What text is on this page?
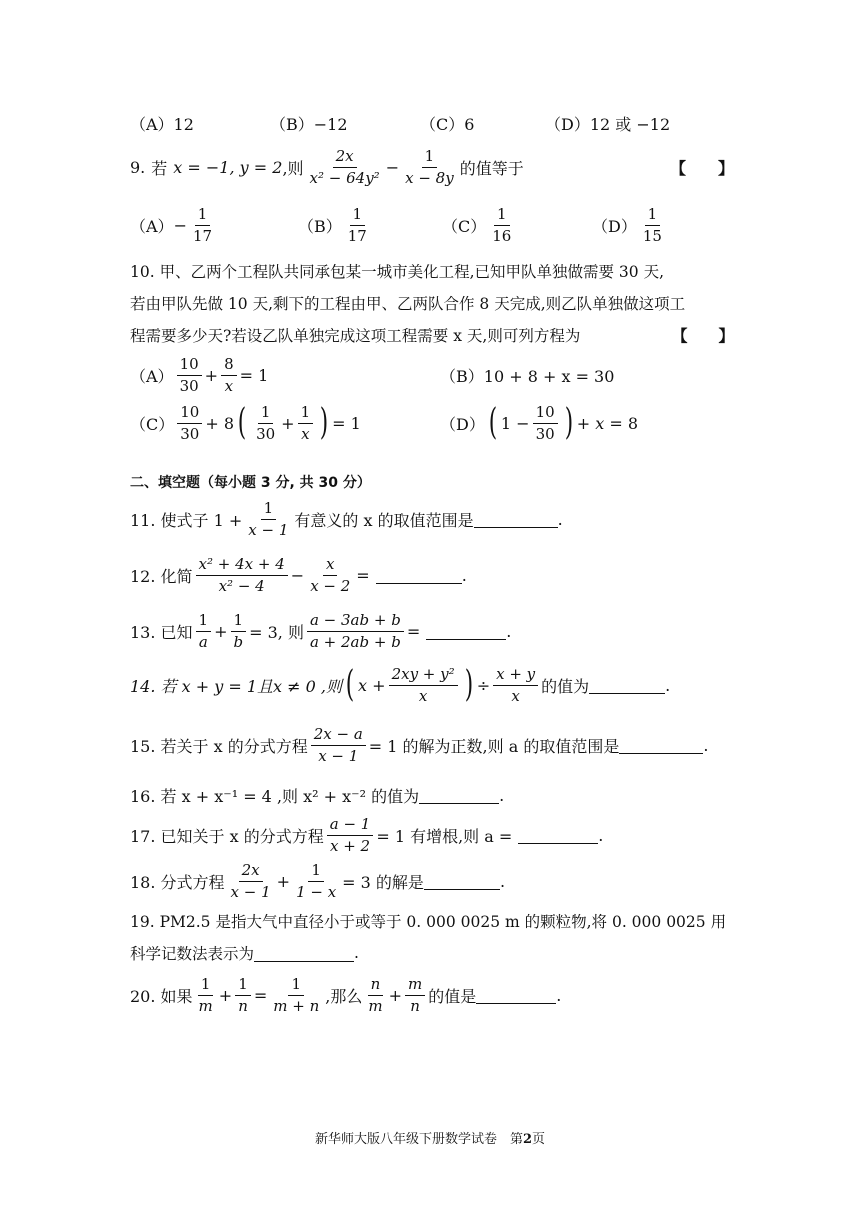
（A）12	（B）−12	（C）6	（D）12 或 −12
9. 若 x = −1, y = 2 ,则 $\frac{2x}{\text{x² − 64y²}} - \frac{1}{x - 8y}$ 的值等于	【　　】
$(A) - \frac{1}{17}$	$(B) \frac{1}{17}$	$(C) \frac{1}{16}$	$(D) \frac{1}{15}$
10. 甲、乙两个工程队共同承包某一城市美化工程,已知甲队单独做需要 30 天,
若由甲队先做 10 天,剩下的工程由甲、乙两队合作 8 天完成,则乙队单独做这项工
程需要多少天?若设乙队单独完成这项工程需要 x 天,则可列方程为	【　　】
$(A) \frac{10}{30} + \frac{8}{x} = 1$	（B）10 + 8 + x = 30
$(C) \frac{10}{30} + 8$ ( $\frac{1}{30} + \frac{1}{x}$ ) = 1	（D） ( $1 - \frac{10}{30}$ ) + x = 8
二、填空题（每小题 3 分, 共 30 分）
11. 使式子 $1 + \frac{1}{x - 1}$ 有意义的 x 的取值范围是	.
12. 化简 $\frac{\text{x² + 4x + 4}}{\text{x² − 4}} - \frac{x}{x - 2}$ =	.
13. 已知 $\frac{1}{a} + \frac{1}{b} = 3$, 则 $\frac{a - 3ab + b}{a + 2ab + b}$ =	.
14. 若 x + y = 1且x ≠ 0 ,则 ( $x + \frac{\text{2xy + y²}}{x}$ ) ÷ $\frac{x + y}{x}$ 的值为	.
15. 若关于 x 的分式方程 $\frac{2x - a}{x - 1} = 1$ 的解为正数,则 a 的取值范围是	.
16. 若 x + x⁻¹ = 4 ,则 x² + x⁻² 的值为	.
17. 已知关于 x 的分式方程 $\frac{a - 1}{x + 2} = 1$ 有增根,则 a =	.
18. 分式方程 $\frac{2x}{x - 1} + \frac{1}{1 - x} = 3$ 的解是	.
19. PM2.5 是指大气中直径小于或等于 0. 000 0025 m 的颗粒物,将 0. 000 0025 用
科学记数法表示为	.
20. 如果 $\frac{1}{m} + \frac{1}{n} = \frac{1}{m + n}$ ,那么 $\frac{n}{m} + \frac{m}{n}$ 的值是	.
新华师大版八年级下册数学试卷　第2页
